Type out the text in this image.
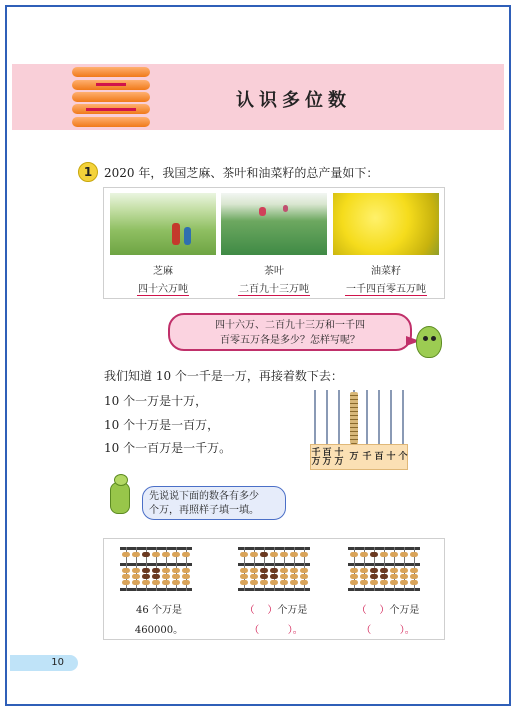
认识多位数
1 2020 年，我国芝麻、茶叶和油菜籽的总产量如下：
芝麻	茶叶	油菜籽
四十六万吨	二百九十三万吨	一千四百零五万吨
四十六万、二百九十三万和一千四
百零五万各是多少？怎样写呢？
我们知道 10 个一千是一万，再接着数下去：
10 个一万是十万，
10 个十万是一百万，
10 个一百万是一千万。	千
万
百
万
十
万 万 千 百 十 个
先说说下面的数各有多少
个万，再照样子填一填。
46 个万是
460000。
（ ）个万是
（	）。
（ ）个万是
（	）。
10
